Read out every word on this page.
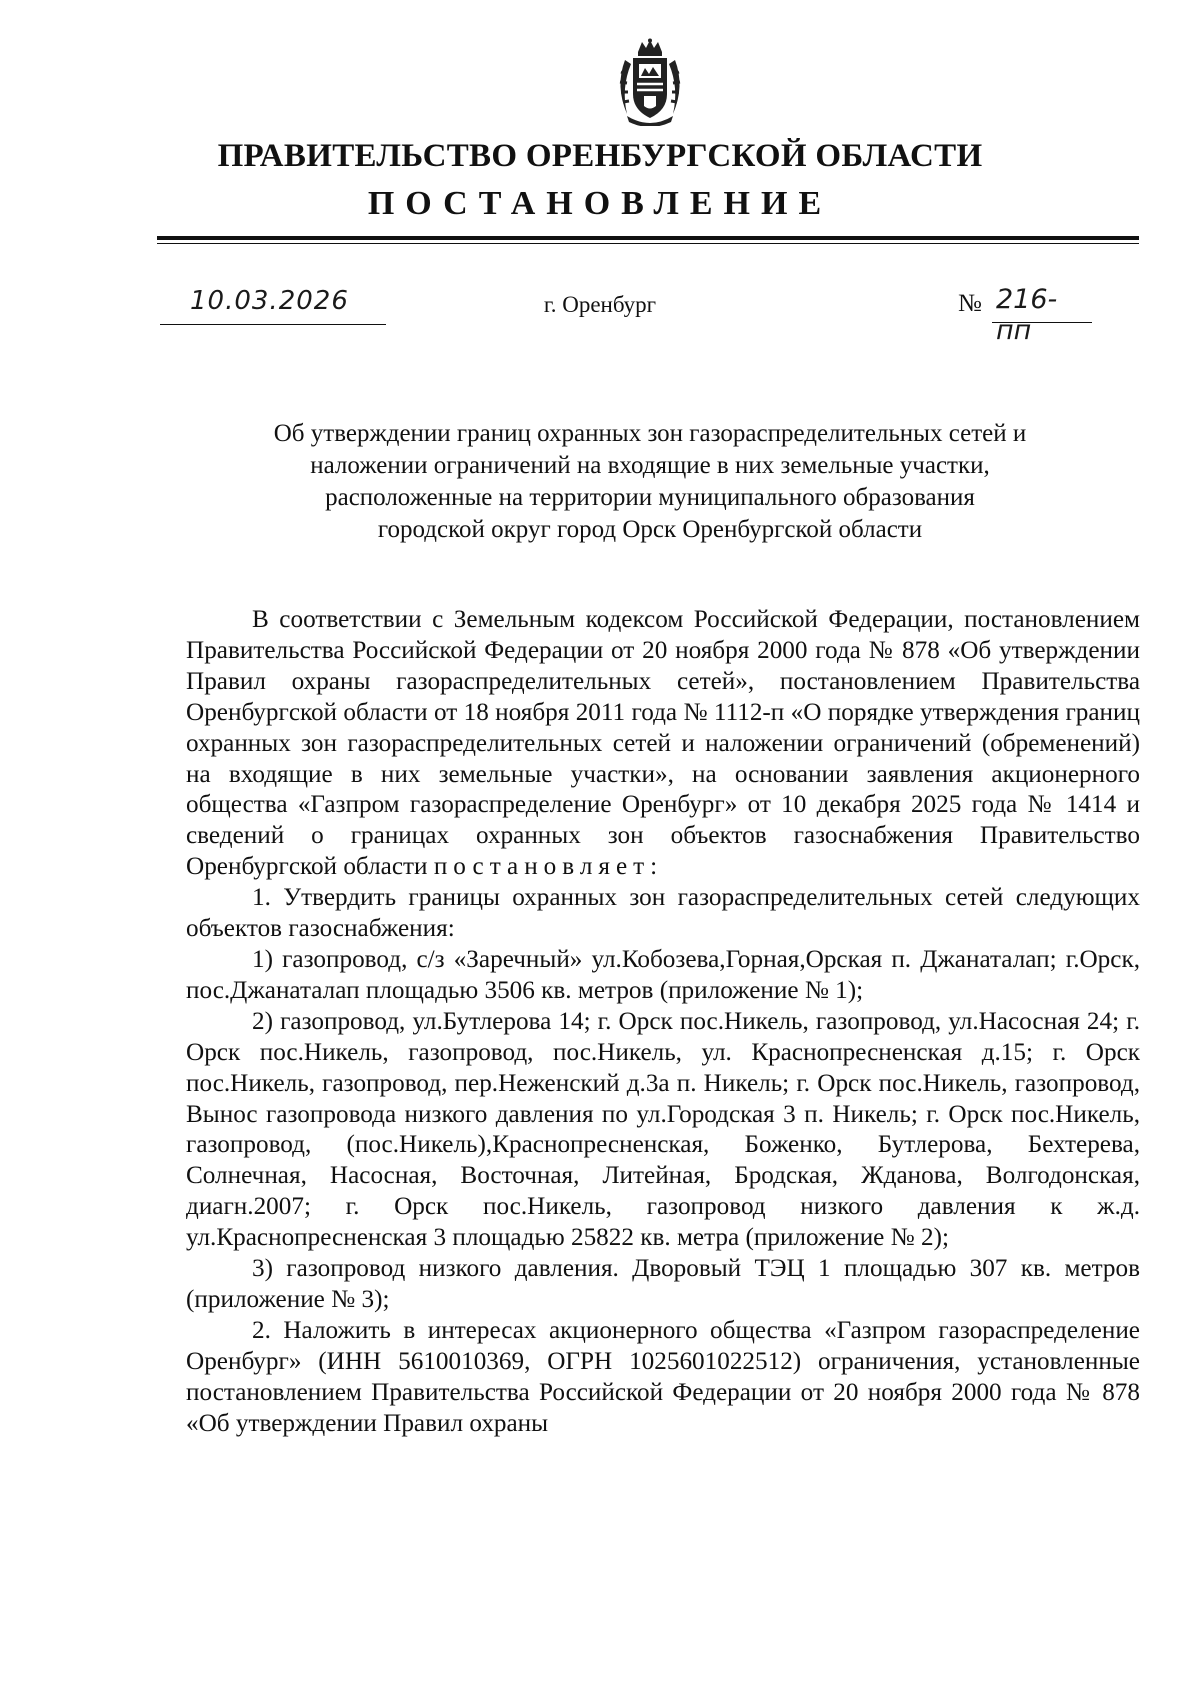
ПРАВИТЕЛЬСТВО ОРЕНБУРГСКОЙ ОБЛАСТИ
ПОСТАНОВЛЕНИЕ
10.03.2026	г. Оренбург	№ 216-пп
Об утверждении границ охранных зон газораспределительных сетей и
наложении ограничений на входящие в них земельные участки,
расположенные на территории муниципального образования
городской округ город Орск Оренбургской области

В соответствии с Земельным кодексом Российской Федерации, постановлением Правительства Российской Федерации от 20 ноября 2000 года № 878 «Об утверждении Правил охраны газораспределительных сетей», постановлением Правительства Оренбургской области от 18 ноября 2011 года № 1112-п «О порядке утверждения границ охранных зон газораспределительных сетей и наложении ограничений (обременений) на входящие в них земельные участки», на основании заявления акционерного общества «Газпром газораспределение Оренбург» от 10 декабря 2025 года № 1414 и сведений о границах охранных зон объектов газоснабжения Правительство Оренбургской области постановляет:

1. Утвердить границы охранных зон газораспределительных сетей следующих объектов газоснабжения:

1) газопровод, с/з «Заречный» ул.Кобозева,Горная,Орская п. Джанаталап; г.Орск, пос.Джанаталап площадью 3506 кв. метров (приложение № 1);

2) газопровод, ул.Бутлерова 14; г. Орск пос.Никель, газопровод, ул.Насосная 24; г. Орск пос.Никель, газопровод, пос.Никель, ул. Краснопресненская д.15; г. Орск пос.Никель, газопровод, пер.Неженский д.3а п. Никель; г. Орск пос.Никель, газопровод, Вынос газопровода низкого давления по ул.Городская 3 п. Никель; г. Орск пос.Никель, газопровод, (пос.Никель),Краснопресненская, Боженко, Бутлерова, Бехтерева, Солнечная, Насосная, Восточная, Литейная, Бродская, Жданова, Волгодонская, диагн.2007; г. Орск пос.Никель, газопровод низкого давления к ж.д. ул.Краснопресненская 3 площадью 25822 кв. метра (приложение № 2);

3) газопровод низкого давления. Дворовый ТЭЦ 1 площадью 307 кв. метров (приложение № 3);

2. Наложить в интересах акционерного общества «Газпром газораспределение Оренбург» (ИНН 5610010369, ОГРН 1025601022512) ограничения, установленные постановлением Правительства Российской Федерации от 20 ноября 2000 года № 878 «Об утверждении Правил охраны
